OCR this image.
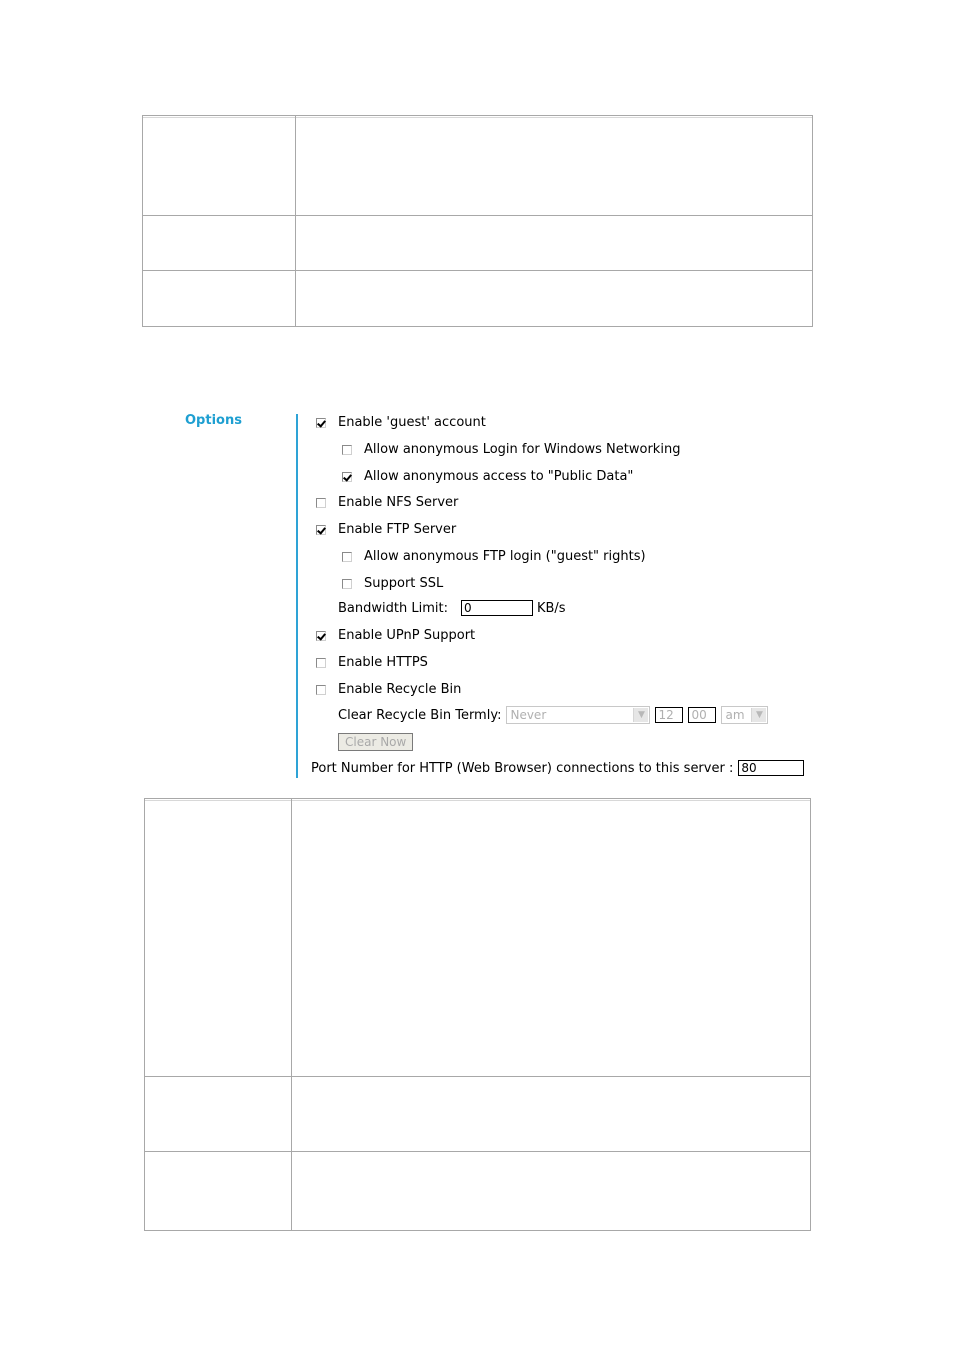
Options	Enable 'guest' account
Allow anonymous Login for Windows Networking
Allow anonymous access to "Public Data"
Enable NFS Server
Enable FTP Server
Allow anonymous FTP login ("guest" rights)
Support SSL
Bandwidth Limit: 0	KB/s
Enable UPnP Support
Enable HTTPS
Enable Recycle Bin
Clear Recycle Bin Termly: Never	▼ 12	00	am	▼
Clear Now
Port Number for HTTP (Web Browser) connections to this server : 80
